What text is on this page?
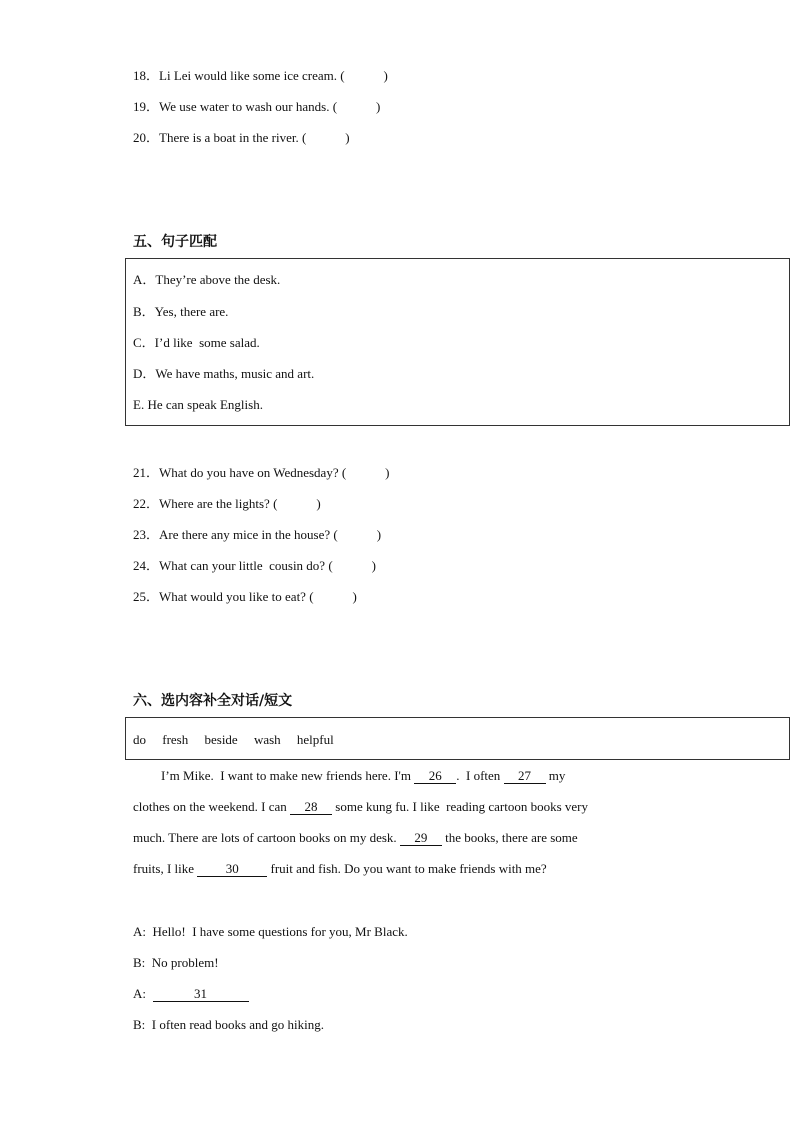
18．Li Lei would like some ice cream. (            )
19．We use water to wash our hands. (            )
20．There is a boat in the river. (            )
五、句子匹配
A．They’re above the desk.
B．Yes, there are.
C．I’d like  some salad.
D．We have maths, music and art.
E. He can speak English.
21．What do you have on Wednesday? (            )
22．Where are the lights? (            )
23．Are there any mice in the house? (            )
24．What can your little  cousin do? (            )
25．What would you like to eat? (            )
六、选内容补全对话/短文
do     fresh     beside     wash     helpful
I’m Mike.  I want to make new friends here. I'm 26 .  I often 27 my
clothes on the weekend. I can 28 some kung fu. I like  reading cartoon books very
much. There are lots of cartoon books on my desk. 29 the books, there are some
fruits, I like 30 fruit and fish. Do you want to make friends with me?
A:  Hello!  I have some questions for you, Mr Black.
B:  No problem!
A:	31
B:  I often read books and go hiking.
